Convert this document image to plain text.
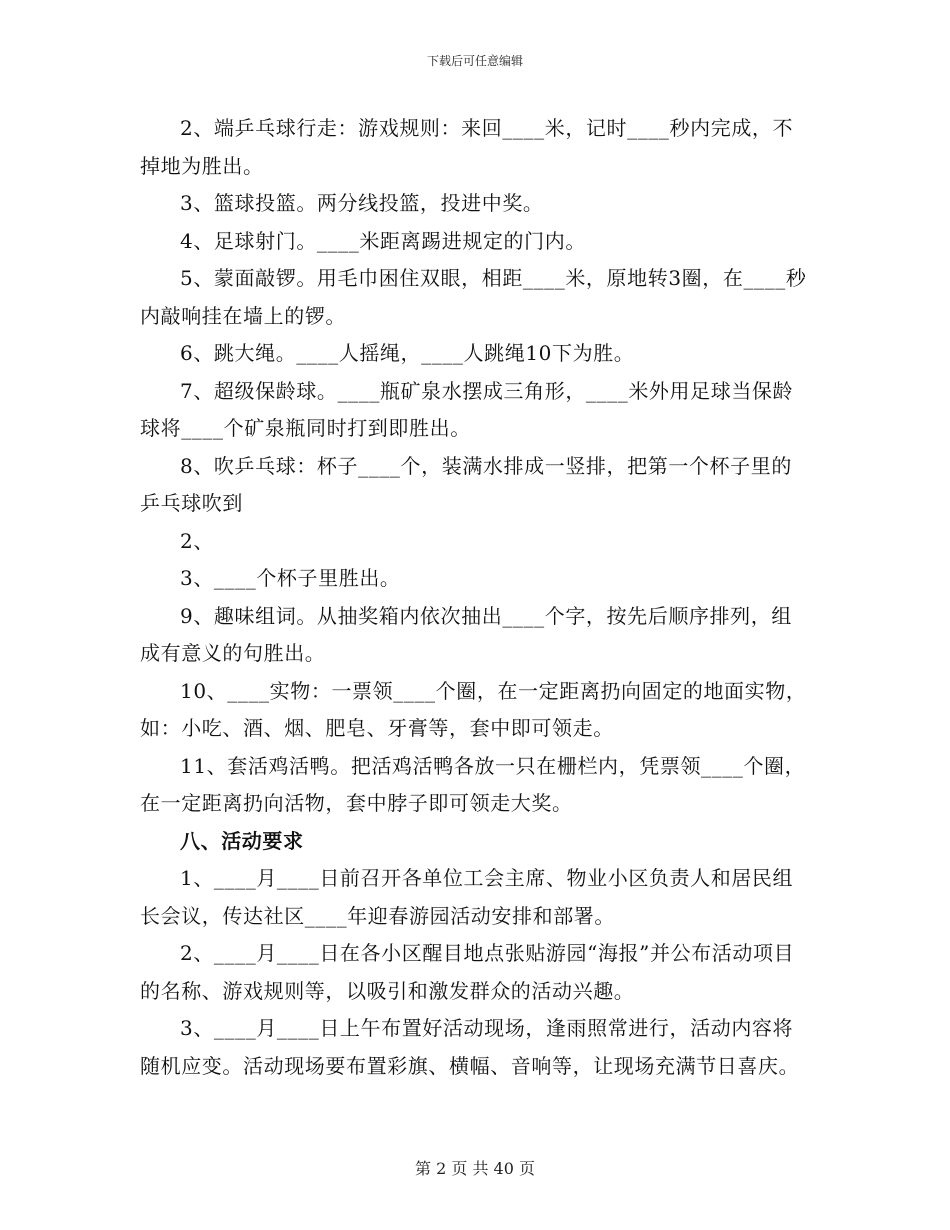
下载后可任意编辑

2、端乒乓球行走：游戏规则：来回____米，记时____秒内完成，不掉地为胜出。

3、篮球投篮。两分线投篮，投进中奖。

4、足球射门。____米距离踢进规定的门内。

5、蒙面敲锣。用毛巾困住双眼，相距____米，原地转3圈，在____秒内敲响挂在墙上的锣。

6、跳大绳。____人摇绳，____人跳绳10下为胜。

7、超级保龄球。____瓶矿泉水摆成三角形，____米外用足球当保龄球将____个矿泉瓶同时打到即胜出。

8、吹乒乓球：杯子____个，装满水排成一竖排，把第一个杯子里的乒乓球吹到

2、

3、____个杯子里胜出。

9、趣味组词。从抽奖箱内依次抽出____个字，按先后顺序排列，组成有意义的句胜出。

10、____实物：一票领____个圈，在一定距离扔向固定的地面实物，如：小吃、酒、烟、肥皂、牙膏等，套中即可领走。

11、套活鸡活鸭。把活鸡活鸭各放一只在栅栏内，凭票领____个圈，在一定距离扔向活物，套中脖子即可领走大奖。

八、活动要求

1、____月____日前召开各单位工会主席、物业小区负责人和居民组长会议，传达社区____年迎春游园活动安排和部署。

2、____月____日在各小区醒目地点张贴游园“海报”并公布活动项目的名称、游戏规则等，以吸引和激发群众的活动兴趣。

3、____月____日上午布置好活动现场，逢雨照常进行，活动内容将随机应变。活动现场要布置彩旗、横幅、音响等，让现场充满节日喜庆。

第 2 页 共 40 页
